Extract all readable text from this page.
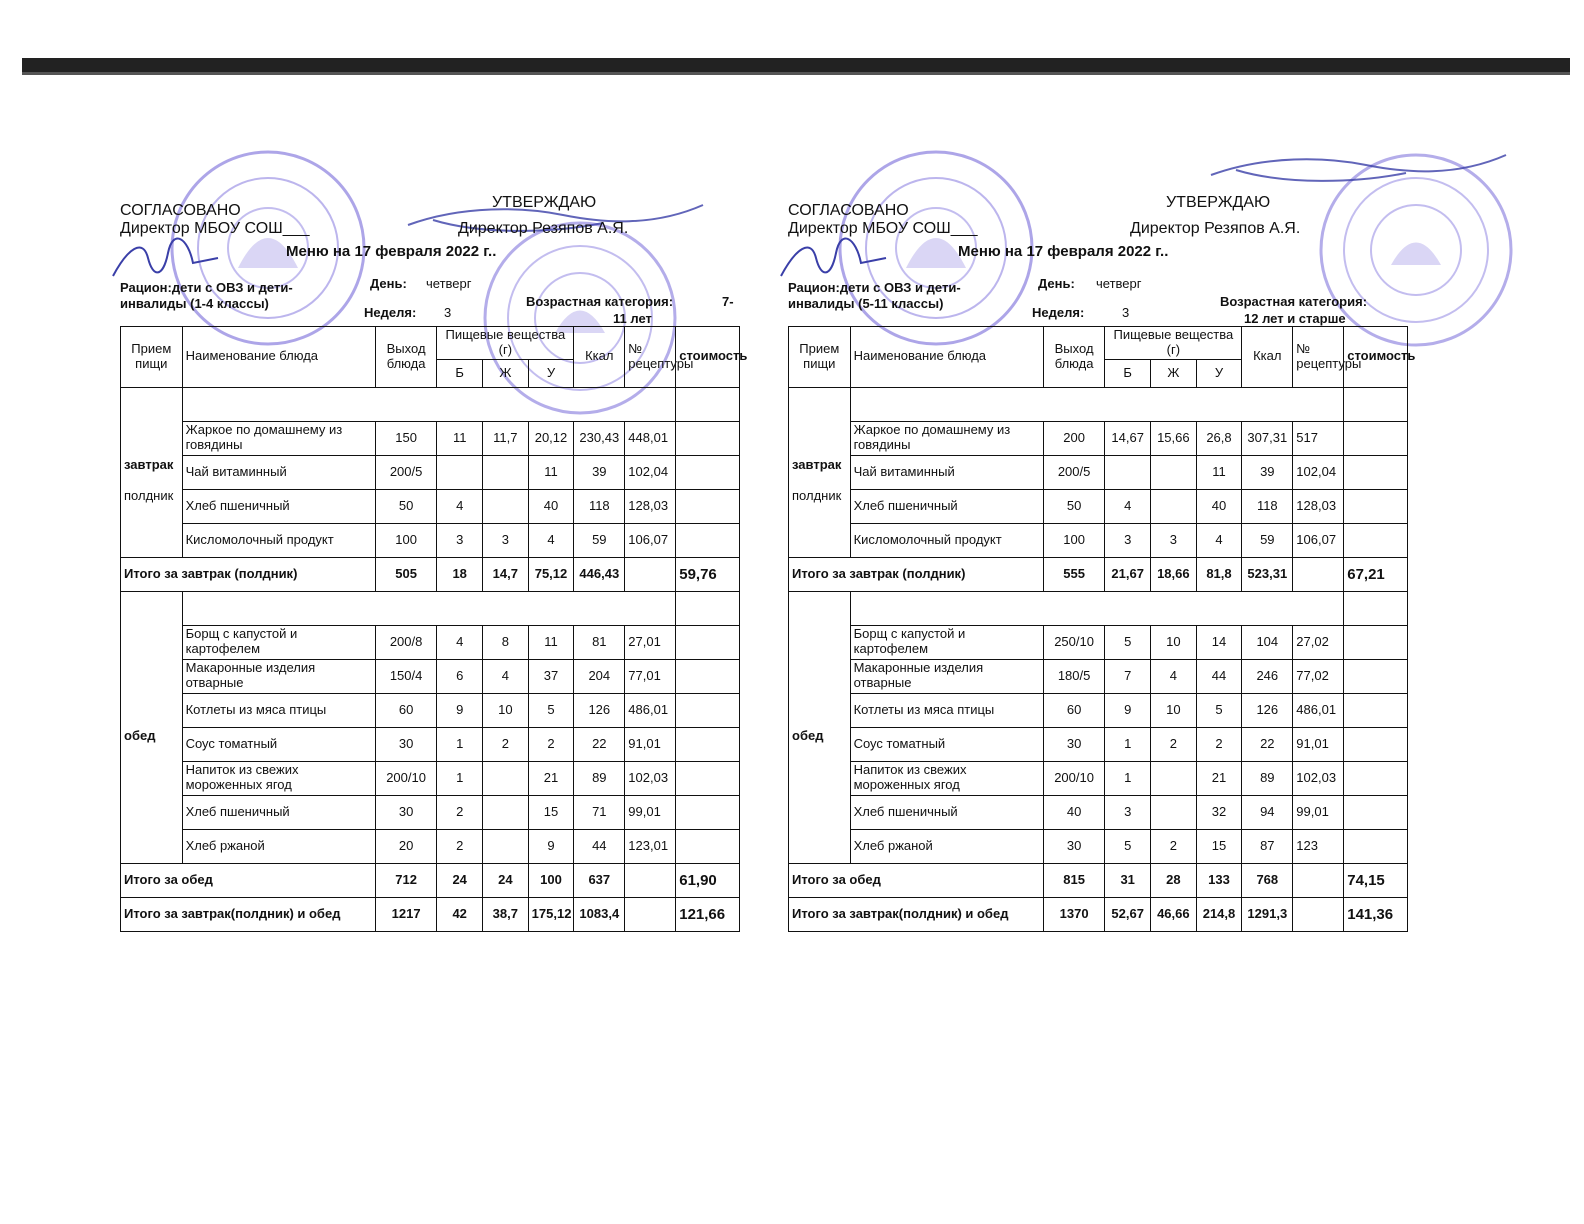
СОГЛАСОВАНО
Директор МБОУ СОШ___
УТВЕРЖДАЮ
Директор Резяпов А.Я.
Меню на 17 февраля 2022 г..
Рацион:дети с ОВЗ и дети-инвалиды (1-4 классы)
День: четверг
Неделя: 3
Возрастная категория:	7-
11 лет
Прием пищи	Наименование блюда	Выход блюда	Пищевые вещества (г)			Ккал	№ рецептуры	стоимость
			Б	Ж	У			

завтрак
полдник								

	Жаркое по домашнему из говядины	150	11	11,7	20,12	230,43	448,01	
	Чай витаминный	200/5			11	39	102,04	
	Хлеб пшеничный	50	4		40	118	128,03	
	Кисломолочный продукт	100	3	3	4	59	106,07	
Итого за завтрак (полдник)		505	18	14,7	75,12	446,43		59,76

обед								

	Борщ с капустой и картофелем	200/8	4	8	11	81	27,01	
	Макаронные изделия отварные	150/4	6	4	37	204	77,01	
	Котлеты из мяса птицы	60	9	10	5	126	486,01	
	Соус томатный	30	1	2	2	22	91,01	
	Напиток из свежих мороженных ягод	200/10	1		21	89	102,03	
	Хлеб пшеничный	30	2		15	71	99,01	
	Хлеб ржаной	20	2		9	44	123,01	
Итого за обед		712	24	24	100	637		61,90
Итого за завтрак(полдник) и обед		1217	42	38,7	175,12	1083,4		121,66
СОГЛАСОВАНО
Директор МБОУ СОШ___
УТВЕРЖДАЮ
Директор Резяпов А.Я.
Меню на 17 февраля 2022 г..
Рацион:дети с ОВЗ и дети-инвалиды (5-11 классы)
День: четверг
Неделя:	3
Возрастная категория:
12 лет и старше
Прием пищи	Наименование блюда	Выход блюда	Пищевые вещества (г)			Ккал	№ рецептуры	стоимость
			Б	Ж	У			

завтрак
полдник								

	Жаркое по домашнему из говядины	200	14,67	15,66	26,8	307,31	517	
	Чай витаминный	200/5			11	39	102,04	
	Хлеб пшеничный	50	4		40	118	128,03	
	Кисломолочный продукт	100	3	3	4	59	106,07	
Итого за завтрак (полдник)		555	21,67	18,66	81,8	523,31		67,21

обед								

	Борщ с капустой и картофелем	250/10	5	10	14	104	27,02	
	Макаронные изделия отварные	180/5	7	4	44	246	77,02	
	Котлеты из мяса птицы	60	9	10	5	126	486,01	
	Соус томатный	30	1	2	2	22	91,01	
	Напиток из свежих мороженных ягод	200/10	1		21	89	102,03	
	Хлеб пшеничный	40	3		32	94	99,01	
	Хлеб ржаной	30	5	2	15	87	123	
Итого за обед		815	31	28	133	768		74,15
Итого за завтрак(полдник) и обед		1370	52,67	46,66	214,8	1291,3		141,36
